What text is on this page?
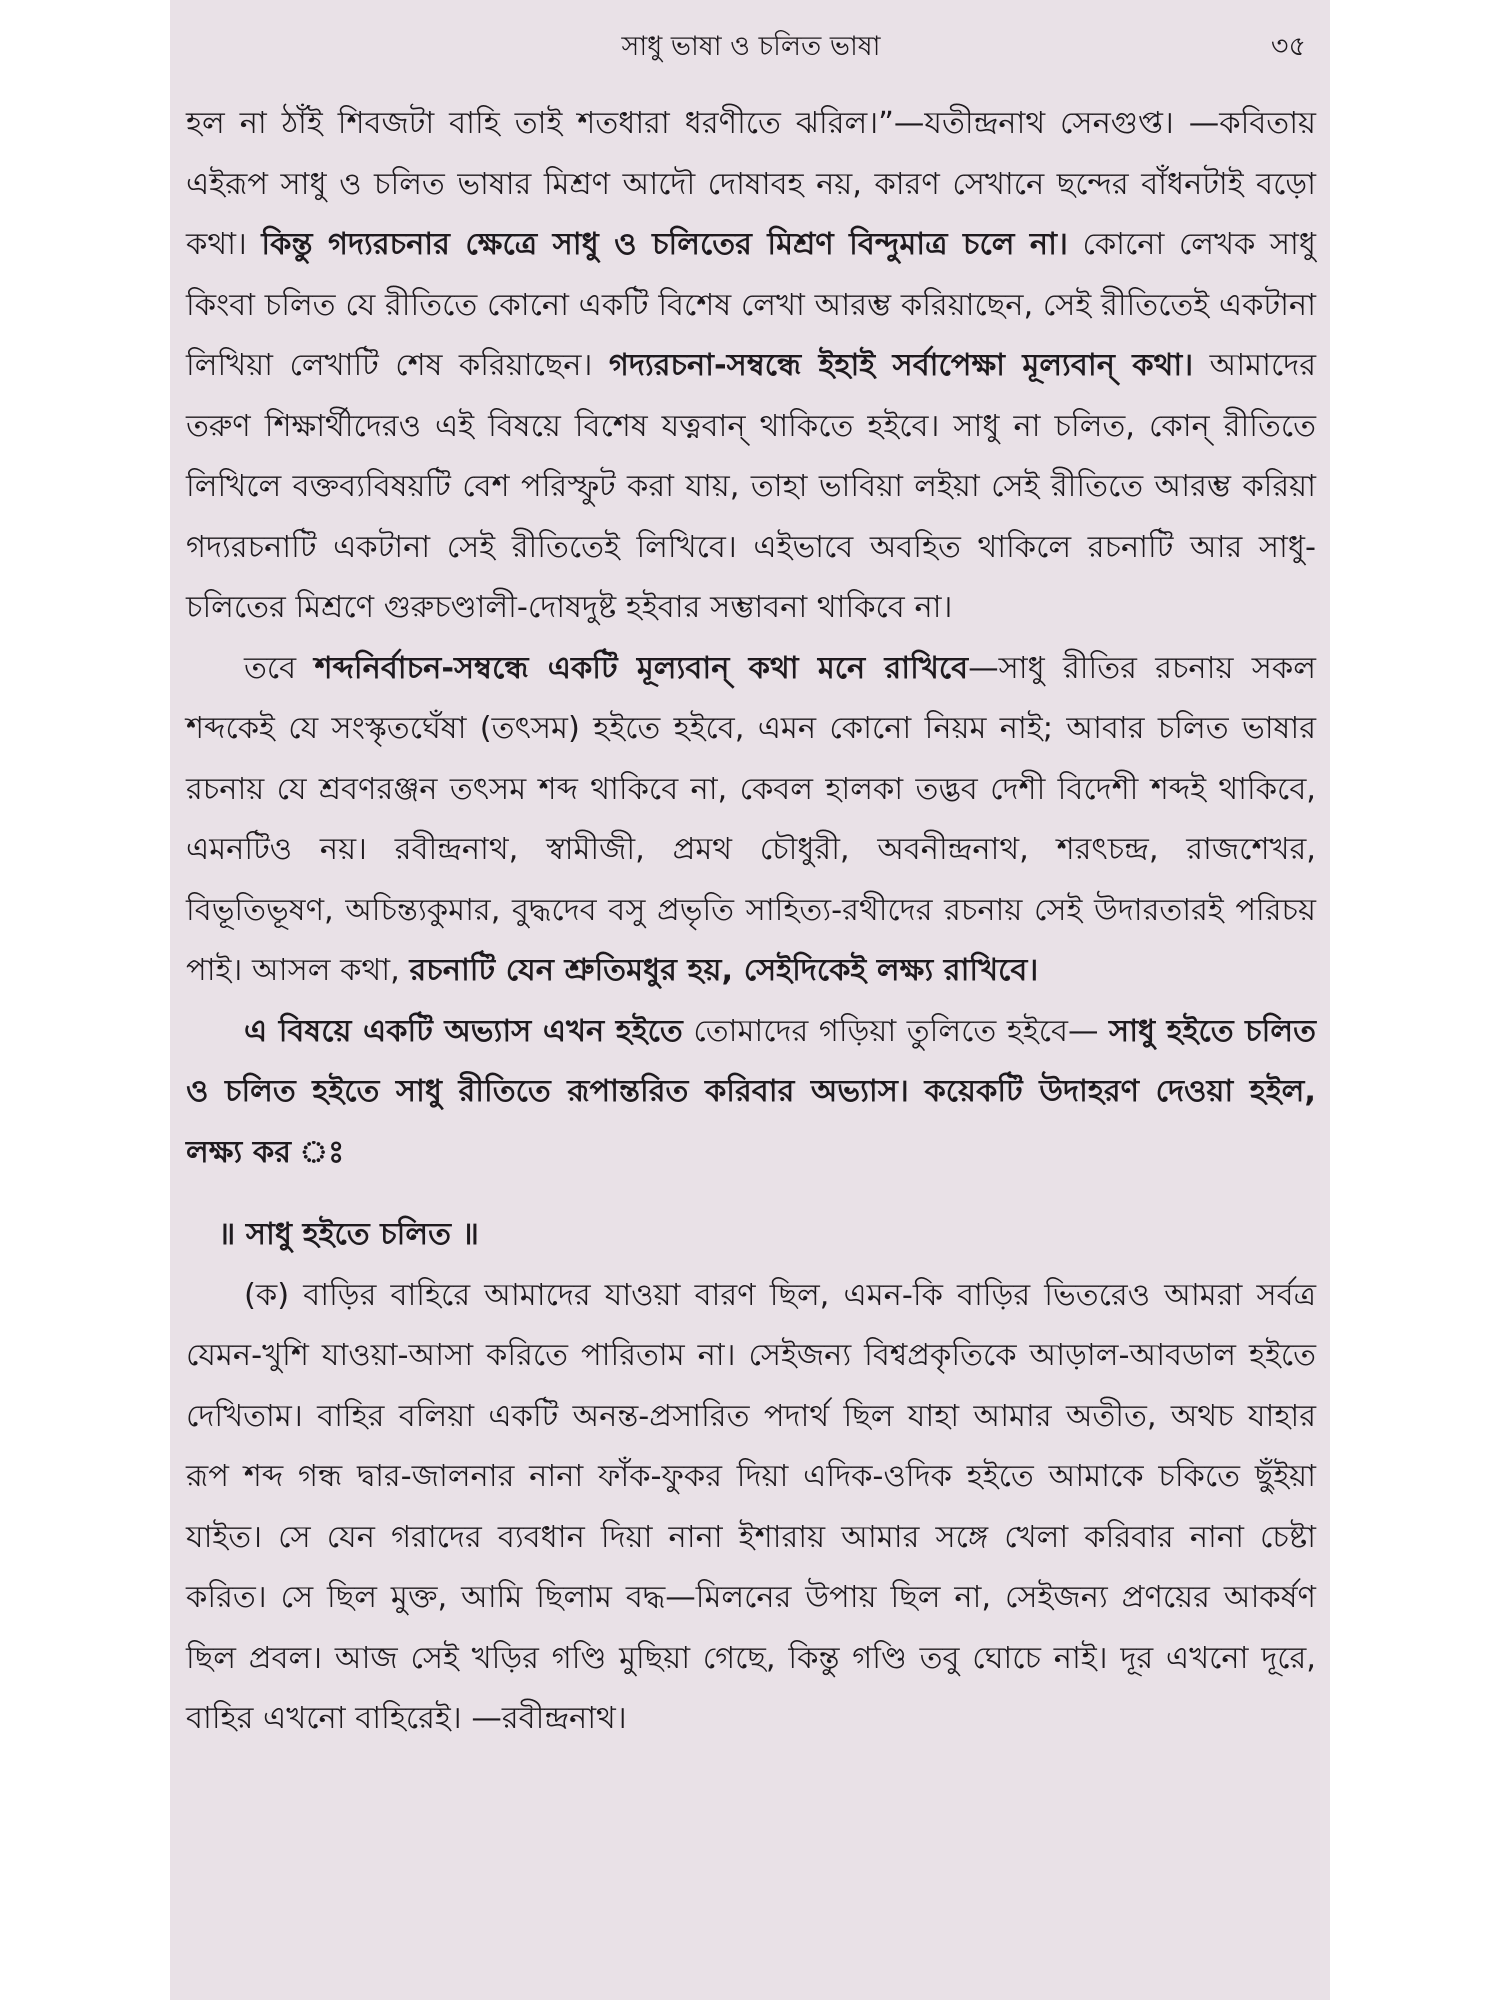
সাধু ভাষা ও চলিত ভাষা	৩৫

হল না ঠাঁই শিবজটা বাহি তাই শতধারা ধরণীতে ঝরিল।”—যতীন্দ্রনাথ সেনগুপ্ত। —কবিতায় এইরূপ সাধু ও চলিত ভাষার মিশ্রণ আদৌ দোষাবহ নয়, কারণ সেখানে ছন্দের বাঁধনটাই বড়ো কথা। কিন্তু গদ্যরচনার ক্ষেত্রে সাধু ও চলিতের মিশ্রণ বিন্দুমাত্র চলে না। কোনো লেখক সাধু কিংবা চলিত যে রীতিতে কোনো একটি বিশেষ লেখা আরম্ভ করিয়াছেন, সেই রীতিতেই একটানা লিখিয়া লেখাটি শেষ করিয়াছেন। গদ্যরচনা-সম্বন্ধে ইহাই সর্বাপেক্ষা মূল্যবান্ কথা। আমাদের তরুণ শিক্ষার্থীদেরও এই বিষয়ে বিশেষ যত্নবান্ থাকিতে হইবে। সাধু না চলিত, কোন্ রীতিতে লিখিলে বক্তব্যবিষয়টি বেশ পরিস্ফুট করা যায়, তাহা ভাবিয়া লইয়া সেই রীতিতে আরম্ভ করিয়া গদ্যরচনাটি একটানা সেই রীতিতেই লিখিবে। এইভাবে অবহিত থাকিলে রচনাটি আর সাধু-চলিতের মিশ্রণে গুরুচণ্ডালী-দোষদুষ্ট হইবার সম্ভাবনা থাকিবে না।

তবে শব্দনির্বাচন-সম্বন্ধে একটি মূল্যবান্ কথা মনে রাখিবে—সাধু রীতির রচনায় সকল শব্দকেই যে সংস্কৃতঘেঁষা (তৎসম) হইতে হইবে, এমন কোনো নিয়ম নাই; আবার চলিত ভাষার রচনায় যে শ্রবণরঞ্জন তৎসম শব্দ থাকিবে না, কেবল হালকা তদ্ভব দেশী বিদেশী শব্দই থাকিবে, এমনটিও নয়। রবীন্দ্রনাথ, স্বামীজী, প্রমথ চৌধুরী, অবনীন্দ্রনাথ, শরৎচন্দ্র, রাজশেখর, বিভূতিভূষণ, অচিন্ত্যকুমার, বুদ্ধদেব বসু প্রভৃতি সাহিত্য-রথীদের রচনায় সেই উদারতারই পরিচয় পাই। আসল কথা, রচনাটি যেন শ্রুতিমধুর হয়, সেইদিকেই লক্ষ্য রাখিবে।

এ বিষয়ে একটি অভ্যাস এখন হইতে তোমাদের গড়িয়া তুলিতে হইবে— সাধু হইতে চলিত ও চলিত হইতে সাধু রীতিতে রূপান্তরিত করিবার অভ্যাস। কয়েকটি উদাহরণ দেওয়া হইল, লক্ষ্য কর ঃ

॥ সাধু হইতে চলিত ॥

(ক) বাড়ির বাহিরে আমাদের যাওয়া বারণ ছিল, এমন-কি বাড়ির ভিতরেও আমরা সর্বত্র যেমন-খুশি যাওয়া-আসা করিতে পারিতাম না। সেইজন্য বিশ্বপ্রকৃতিকে আড়াল-আবডাল হইতে দেখিতাম। বাহির বলিয়া একটি অনন্ত-প্রসারিত পদার্থ ছিল যাহা আমার অতীত, অথচ যাহার রূপ শব্দ গন্ধ দ্বার-জালনার নানা ফাঁক-ফুকর দিয়া এদিক-ওদিক হইতে আমাকে চকিতে ছুঁইয়া যাইত। সে যেন গরাদের ব্যবধান দিয়া নানা ইশারায় আমার সঙ্গে খেলা করিবার নানা চেষ্টা করিত। সে ছিল মুক্ত, আমি ছিলাম বদ্ধ—মিলনের উপায় ছিল না, সেইজন্য প্রণয়ের আকর্ষণ ছিল প্রবল। আজ সেই খড়ির গণ্ডি মুছিয়া গেছে, কিন্তু গণ্ডি তবু ঘোচে নাই। দূর এখনো দূরে, বাহির এখনো বাহিরেই। —রবীন্দ্রনাথ।
